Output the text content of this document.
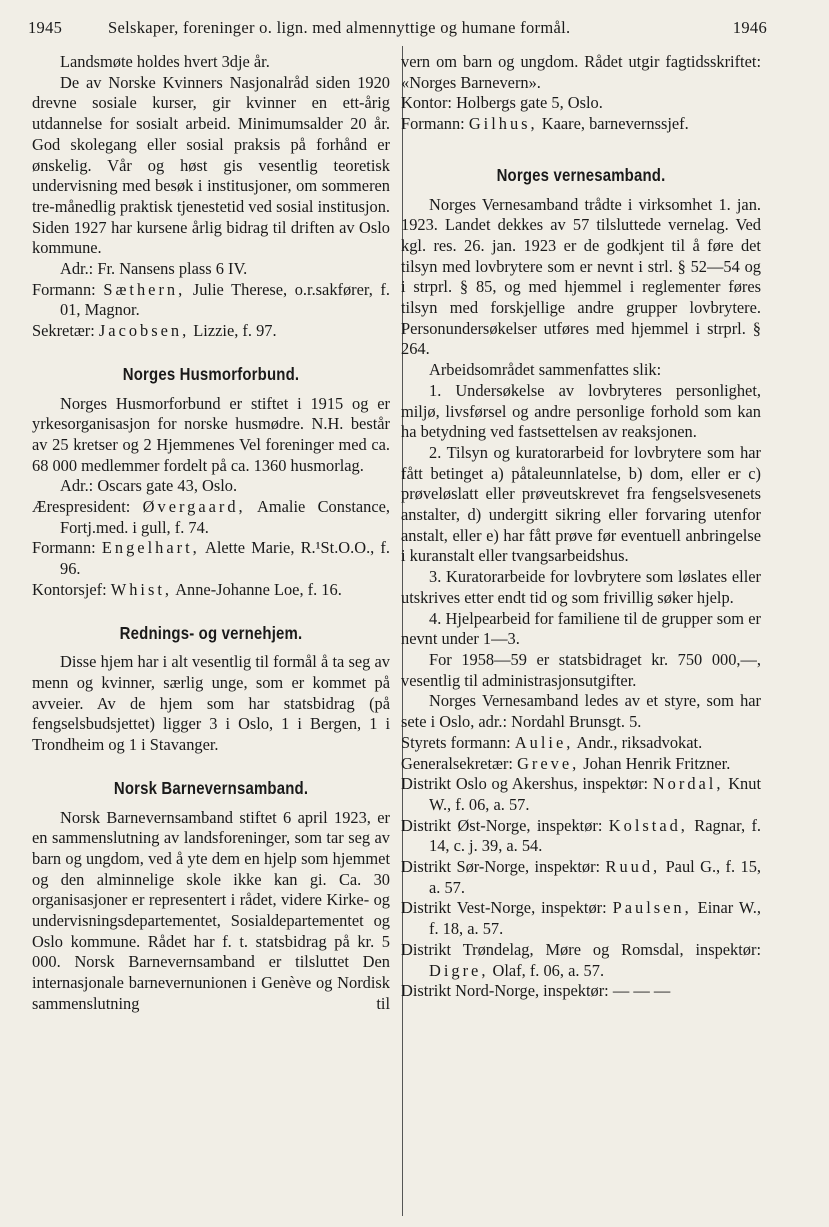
1945	Selskaper, foreninger o. lign. med almennyttige og humane formål.	1946

Landsmøte holdes hvert 3dje år.

De av Norske Kvinners Nasjonalråd siden 1920 drevne sosiale kurser, gir kvinner en ett-årig utdannelse for sosialt arbeid. Minimumsalder 20 år. God skolegang eller sosial praksis på forhånd er ønskelig. Vår og høst gis vesentlig teoretisk undervisning med besøk i institusjoner, om sommeren tre-månedlig praktisk tjenestetid ved sosial institusjon. Siden 1927 har kursene årlig bidrag til driften av Oslo kommune.

Adr.: Fr. Nansens plass 6 IV.

Formann: Sæthern, Julie Therese, o.r.sakfører, f. 01, Magnor.

Sekretær: Jacobsen, Lizzie, f. 97.

Norges Husmorforbund.

Norges Husmorforbund er stiftet i 1915 og er yrkesorganisasjon for norske husmødre. N.H. består av 25 kretser og 2 Hjemmenes Vel foreninger med ca. 68 000 medlemmer fordelt på ca. 1360 husmorlag.

Adr.: Oscars gate 43, Oslo.

Ærespresident: Øvergaard, Amalie Constance, Fortj.med. i gull, f. 74.

Formann: Engelhart, Alette Marie, R.¹St.O.O., f. 96.

Kontorsjef: Whist, Anne-Johanne Loe, f. 16.

Rednings- og vernehjem.

Disse hjem har i alt vesentlig til formål å ta seg av menn og kvinner, særlig unge, som er kommet på avveier. Av de hjem som har statsbidrag (på fengselsbudsjettet) ligger 3 i Oslo, 1 i Bergen, 1 i Trondheim og 1 i Stavanger.

Norsk Barnevernsamband.

Norsk Barnevernsamband stiftet 6 april 1923, er en sammenslutning av landsforeninger, som tar seg av barn og ungdom, ved å yte dem en hjelp som hjemmet og den alminnelige skole ikke kan gi. Ca. 30 organisasjoner er representert i rådet, videre Kirke- og undervisningsdepartementet, Sosialdepartementet og Oslo kommune. Rådet har f. t. statsbidrag på kr. 5 000. Norsk Barnevernsamband er tilsluttet Den internasjonale barnevernunionen i Genève og Nordisk sammenslutning til

vern om barn og ungdom. Rådet utgir fagtidsskriftet: «Norges Barnevern».

Kontor: Holbergs gate 5, Oslo.

Formann: Gilhus, Kaare, barnevernssjef.

Norges vernesamband.

Norges Vernesamband trådte i virksomhet 1. jan. 1923. Landet dekkes av 57 tilsluttede vernelag. Ved kgl. res. 26. jan. 1923 er de godkjent til å føre det tilsyn med lovbrytere som er nevnt i strl. § 52—54 og i strprl. § 85, og med hjemmel i reglementer føres tilsyn med forskjellige andre grupper lovbrytere. Personundersøkelser utføres med hjemmel i strprl. § 264.

Arbeidsområdet sammenfattes slik:

1. Undersøkelse av lovbryteres personlighet, miljø, livsførsel og andre personlige forhold som kan ha betydning ved fastsettelsen av reaksjonen.

2. Tilsyn og kuratorarbeid for lovbrytere som har fått betinget a) påtaleunnlatelse, b) dom, eller er c) prøveløslatt eller prøveutskrevet fra fengselsvesenets anstalter, d) undergitt sikring eller forvaring utenfor anstalt, eller e) har fått prøve før eventuell anbringelse i kuranstalt eller tvangsarbeidshus.

3. Kuratorarbeide for lovbrytere som løslates eller utskrives etter endt tid og som frivillig søker hjelp.

4. Hjelpearbeid for familiene til de grupper som er nevnt under 1—3.

For 1958—59 er statsbidraget kr. 750 000,—, vesentlig til administrasjonsutgifter.

Norges Vernesamband ledes av et styre, som har sete i Oslo, adr.: Nordahl Brunsgt. 5.

Styrets formann: Aulie, Andr., riksadvokat.

Generalsekretær: Greve, Johan Henrik Fritzner.

Distrikt Oslo og Akershus, inspektør: Nordal, Knut W., f. 06, a. 57.

Distrikt Øst-Norge, inspektør: Kolstad, Ragnar, f. 14, c. j. 39, a. 54.

Distrikt Sør-Norge, inspektør: Ruud, Paul G., f. 15, a. 57.

Distrikt Vest-Norge, inspektør: Paulsen, Einar W., f. 18, a. 57.

Distrikt Trøndelag, Møre og Romsdal, inspektør: Digre, Olaf, f. 06, a. 57.

Distrikt Nord-Norge, inspektør: — — —
